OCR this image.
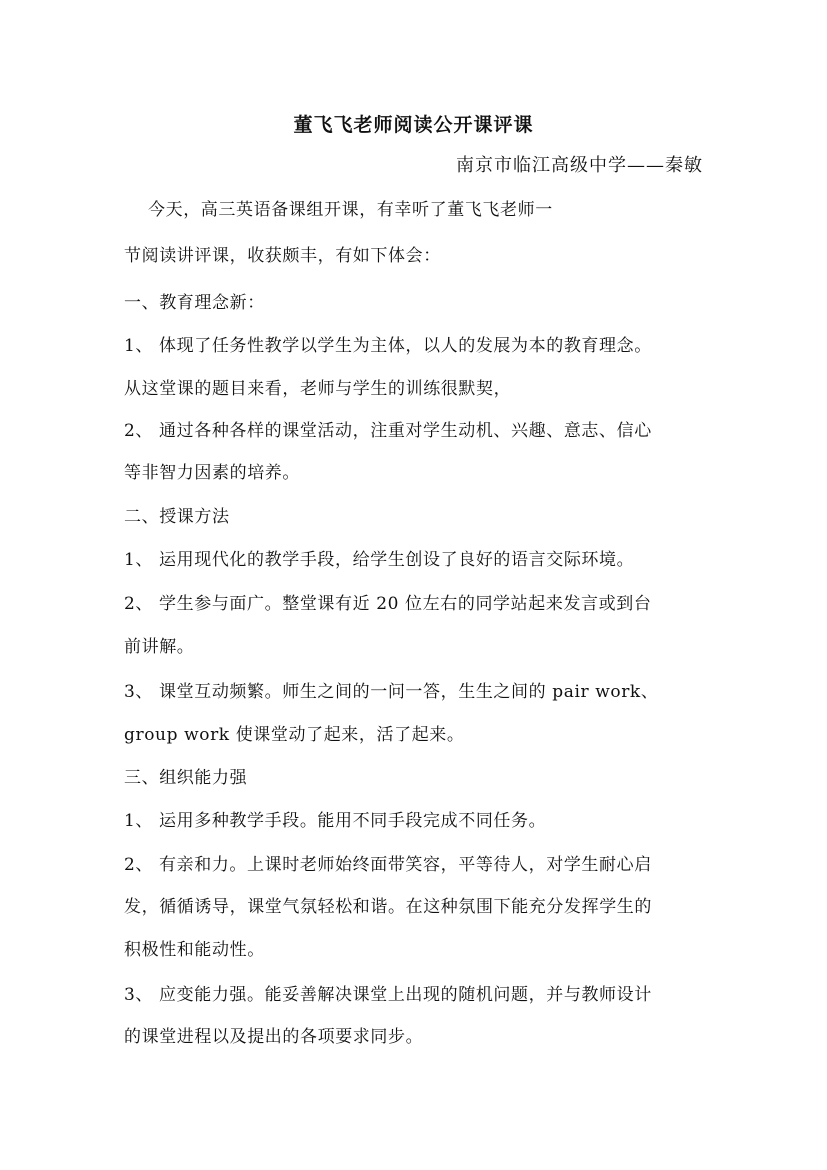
董飞飞老师阅读公开课评课
南京市临江高级中学——秦敏
今天，高三英语备课组开课，有幸听了董飞飞老师一
节阅读讲评课，收获颇丰，有如下体会：
一、教育理念新：
1、 体现了任务性教学以学生为主体，以人的发展为本的教育理念。
从这堂课的题目来看，老师与学生的训练很默契，
2、 通过各种各样的课堂活动，注重对学生动机、兴趣、意志、信心
等非智力因素的培养。
二、授课方法
1、 运用现代化的教学手段，给学生创设了良好的语言交际环境。
2、 学生参与面广。整堂课有近 20 位左右的同学站起来发言或到台
前讲解。
3、 课堂互动频繁。师生之间的一问一答，生生之间的 pair work、
group work 使课堂动了起来，活了起来。
三、组织能力强
1、 运用多种教学手段。能用不同手段完成不同任务。
2、 有亲和力。上课时老师始终面带笑容，平等待人，对学生耐心启
发，循循诱导，课堂气氛轻松和谐。在这种氛围下能充分发挥学生的
积极性和能动性。
3、 应变能力强。能妥善解决课堂上出现的随机问题，并与教师设计
的课堂进程以及提出的各项要求同步。
